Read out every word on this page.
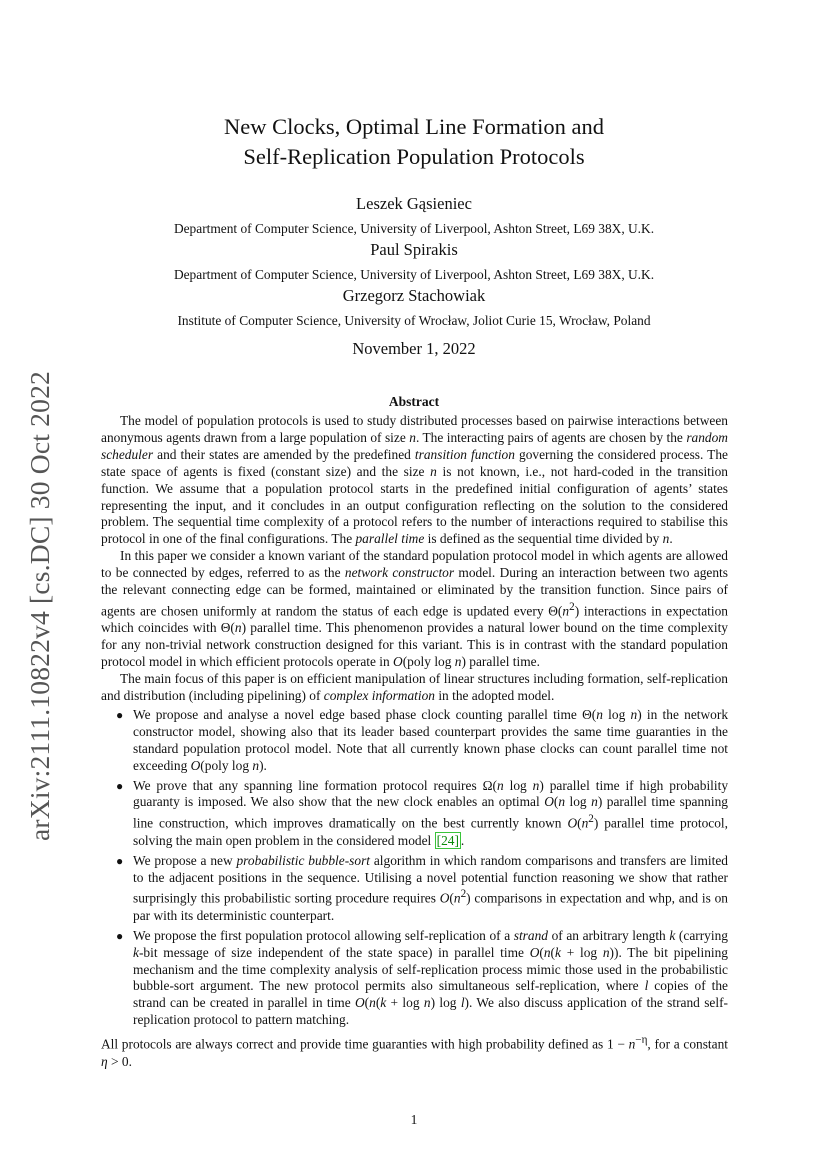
arXiv:2111.10822v4 [cs.DC] 30 Oct 2022
New Clocks, Optimal Line Formation and
Self-Replication Population Protocols
Leszek Gąsieniec
Department of Computer Science, University of Liverpool, Ashton Street, L69 38X, U.K.
Paul Spirakis
Department of Computer Science, University of Liverpool, Ashton Street, L69 38X, U.K.
Grzegorz Stachowiak
Institute of Computer Science, University of Wrocław, Joliot Curie 15, Wrocław, Poland
November 1, 2022
Abstract

The model of population protocols is used to study distributed processes based on pairwise interactions between anonymous agents drawn from a large population of size n. The interacting pairs of agents are chosen by the random scheduler and their states are amended by the predefined transition function governing the considered process. The state space of agents is fixed (constant size) and the size n is not known, i.e., not hard-coded in the transition function. We assume that a population protocol starts in the predefined initial configuration of agents’ states representing the input, and it concludes in an output configuration reflecting on the solution to the considered problem. The sequential time complexity of a protocol refers to the number of interactions required to stabilise this protocol in one of the final configurations. The parallel time is defined as the sequential time divided by n.

In this paper we consider a known variant of the standard population protocol model in which agents are allowed to be connected by edges, referred to as the network constructor model. During an interaction between two agents the relevant connecting edge can be formed, maintained or eliminated by the transition function. Since pairs of agents are chosen uniformly at random the status of each edge is updated every $\Theta(n^2)$ interactions in expectation which coincides with Θ(n) parallel time. This phenomenon provides a natural lower bound on the time complexity for any non-trivial network construction designed for this variant. This is in contrast with the standard population protocol model in which efficient protocols operate in O(poly log n) parallel time.

The main focus of this paper is on efficient manipulation of linear structures including formation, self-replication and distribution (including pipelining) of complex information in the adopted model.

● We propose and analyse a novel edge based phase clock counting parallel time Θ(n log n) in the network constructor model, showing also that its leader based counterpart provides the same time guaranties in the standard population protocol model. Note that all currently known phase clocks can count parallel time not exceeding O(poly log n).
● We prove that any spanning line formation protocol requires Ω(n log n) parallel time if high probability guaranty is imposed. We also show that the new clock enables an optimal O(n log n) parallel time spanning line construction, which improves dramatically on the best currently known $O(n^2)$ parallel time protocol, solving the main open problem in the considered model [24] .
● We propose a new probabilistic bubble-sort algorithm in which random comparisons and transfers are limited to the adjacent positions in the sequence. Utilising a novel potential function reasoning we show that rather surprisingly this probabilistic sorting procedure requires $O(n^2)$ comparisons in expectation and whp, and is on par with its deterministic counterpart.
● We propose the first population protocol allowing self-replication of a strand of an arbitrary length k (carrying k-bit message of size independent of the state space) in parallel time O(n(k + log n)). The bit pipelining mechanism and the time complexity analysis of self-replication process mimic those used in the probabilistic bubble-sort argument. The new protocol permits also simultaneous self-replication, where l copies of the strand can be created in parallel in time O(n(k + log n) log l). We also discuss application of the strand self-replication protocol to pattern matching.

All protocols are always correct and provide time guaranties with high probability defined as $1 - n^{-\eta}$, for a constant η > 0.

1
